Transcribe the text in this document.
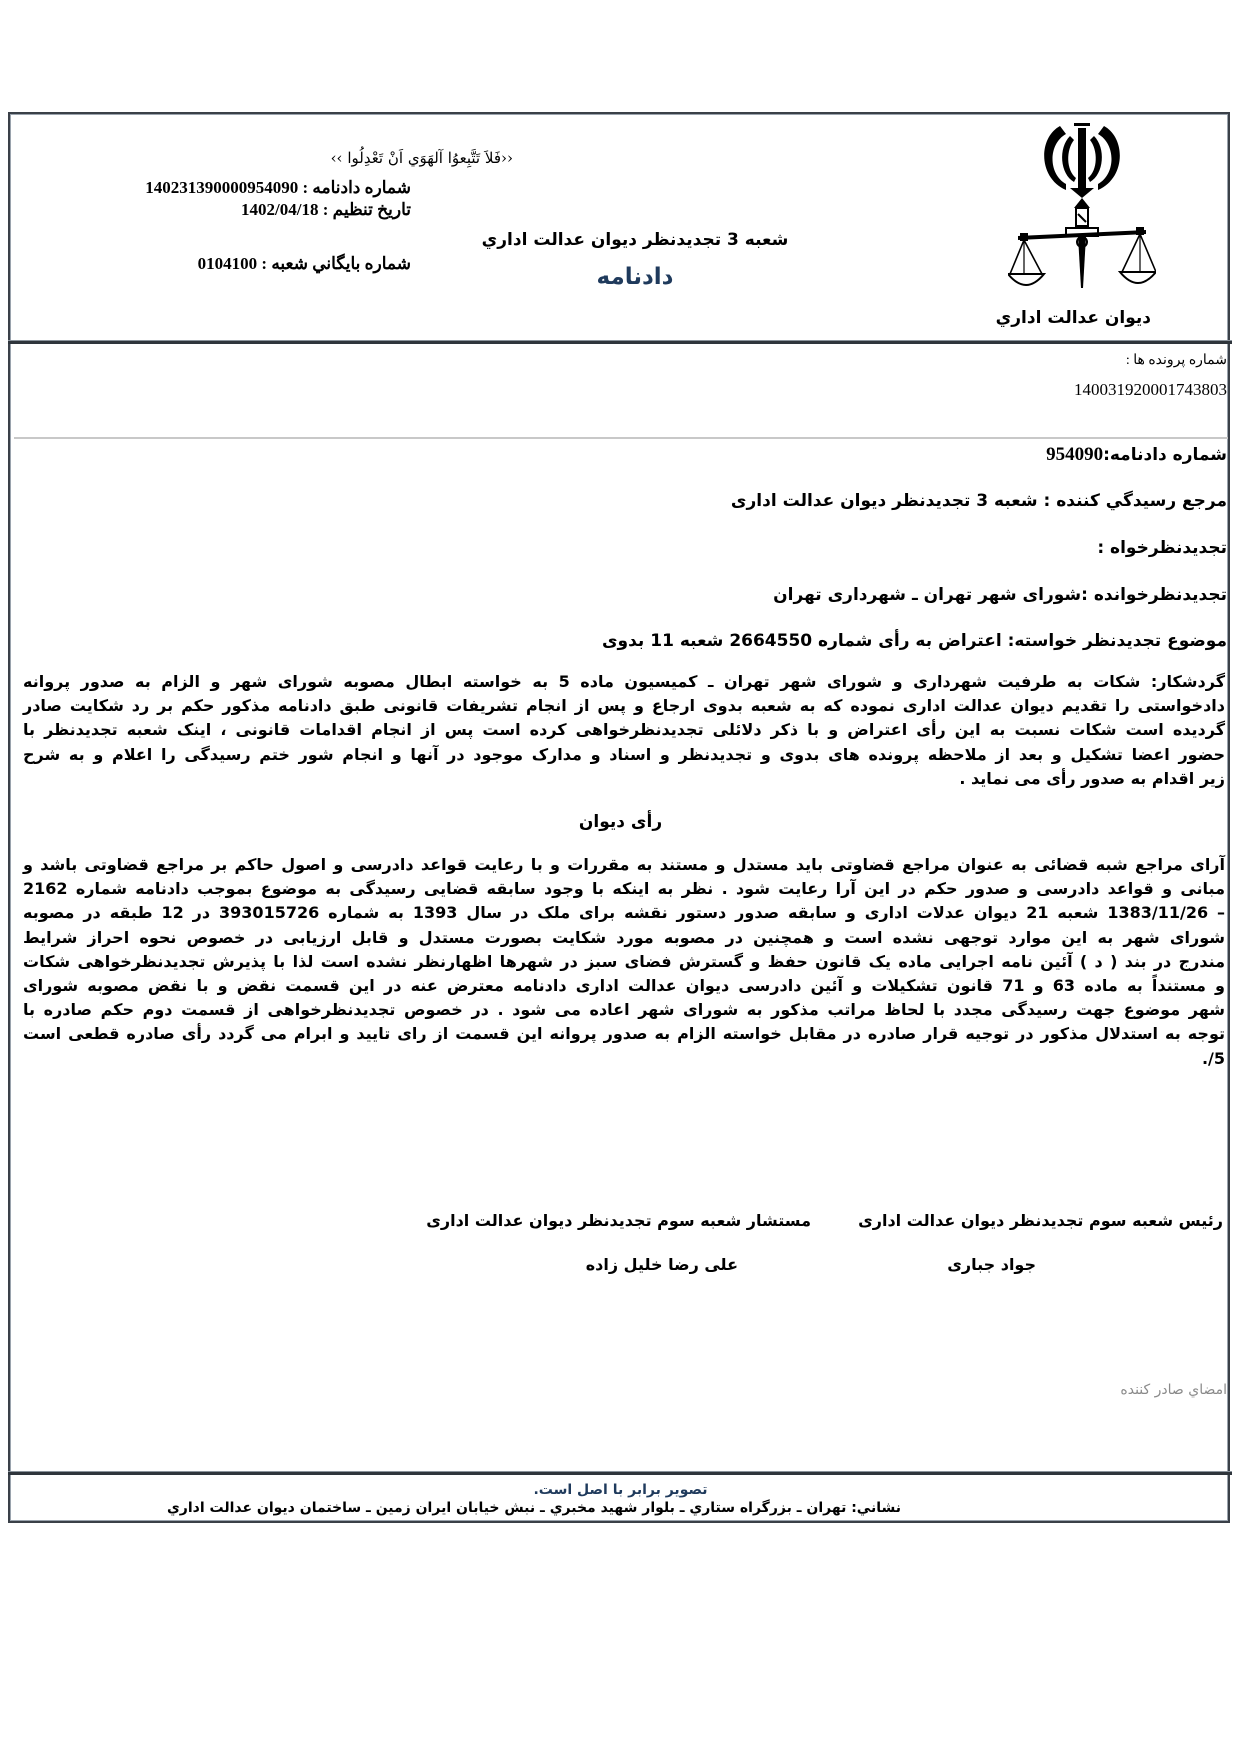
ديوان عدالت اداري
‹‹فَلاَ تَتَّبِعوُا آلهَوَي اَنْ تَعْدِلُوا ››
شعبه 3 تجديدنظر ديوان عدالت اداري
دادنامه
شماره دادنامه : 140231390000954090
تاريخ تنظيم : 1402/04/18
شماره بايگاني شعبه : 0104100
شماره پرونده ها :
140031920001743803
شماره دادنامه:954090
مرجع رسيدگي كننده : شعبه 3 تجدیدنظر دیوان عدالت اداری
تجدیدنظرخواه :
تجدیدنظرخوانده :شورای شهر تهران ـ شهرداری تهران
موضوع تجدیدنظر خواسته: اعتراض به رأی شماره 2664550 شعبه 11 بدوی
گردشکار: شکات به طرفیت شهرداری و شورای شهر تهران ـ کمیسیون ماده 5 به خواسته ابطال مصوبه شورای شهر و الزام به صدور پروانه
دادخواستی را تقدیم دیوان عدالت اداری نموده که به شعبه بدوی ارجاع و پس از انجام تشریفات قانونی طبق دادنامه مذکور حکم بر رد شکایت صادر
گردیده است شکات نسبت به این رأی اعتراض و با ذکر دلائلی تجدیدنظرخواهی کرده است پس از انجام اقدامات قانونی ، اینک شعبه تجدیدنظر با
حضور اعضا تشکیل و بعد از ملاحظه پرونده های بدوی و تجدیدنظر و اسناد و مدارک موجود در آنها و انجام شور ختم رسیدگی را اعلام و به شرح
زیر اقدام به صدور رأی می نماید .
رأی دیوان
آرای مراجع شبه قضائی به عنوان مراجع قضاوتی باید مستدل و مستند به مقررات و با رعایت قواعد دادرسی و اصول حاکم بر مراجع قضاوتی باشد و
مبانی و قواعد دادرسی و صدور حکم در این آرا رعایت شود . نظر به اینکه با وجود سابقه قضایی رسیدگی به موضوع بموجب دادنامه شماره 2162
– 1383/11/26 شعبه 21 دیوان عدلات اداری و سابقه صدور دستور نقشه برای ملک در سال 1393 به شماره 393015726 در 12 طبقه در مصوبه
شورای شهر به این موارد توجهی نشده است و همچنین در مصوبه مورد شکایت بصورت مستدل و قابل ارزیابی در خصوص نحوه احراز شرایط
مندرج در بند ( د ) آئین نامه اجرایی ماده یک قانون حفظ و گسترش فضای سبز در شهرها اظهارنظر نشده است لذا با پذیرش تجدیدنظرخواهی شکات
و مستنداً به ماده 63 و 71 قانون تشکیلات و آئین دادرسی دیوان عدالت اداری دادنامه معترض عنه در این قسمت نقض و با نقض مصوبه شورای
شهر موضوع جهت رسیدگی مجدد با لحاظ مراتب مذکور به شورای شهر اعاده می شود . در خصوص تجدیدنظرخواهی از قسمت دوم حکم صادره با
توجه به استدلال مذکور در توجیه قرار صادره در مقابل خواسته الزام به صدور پروانه این قسمت از رای تایید و ابرام می گردد رأی صادره قطعی است
5/.
رئیس شعبه سوم تجدیدنظر دیوان عدالت اداری
مستشار شعبه سوم تجدیدنظر دیوان عدالت اداری
جواد جباری
علی رضا خلیل زاده
امضاي صادر كننده
تصوير برابر با اصل است.
نشاني: تهران ـ بزرگراه ستاري ـ بلوار شهيد مخبري ـ نبش خيابان ايران زمين ـ ساختمان ديوان عدالت اداري
